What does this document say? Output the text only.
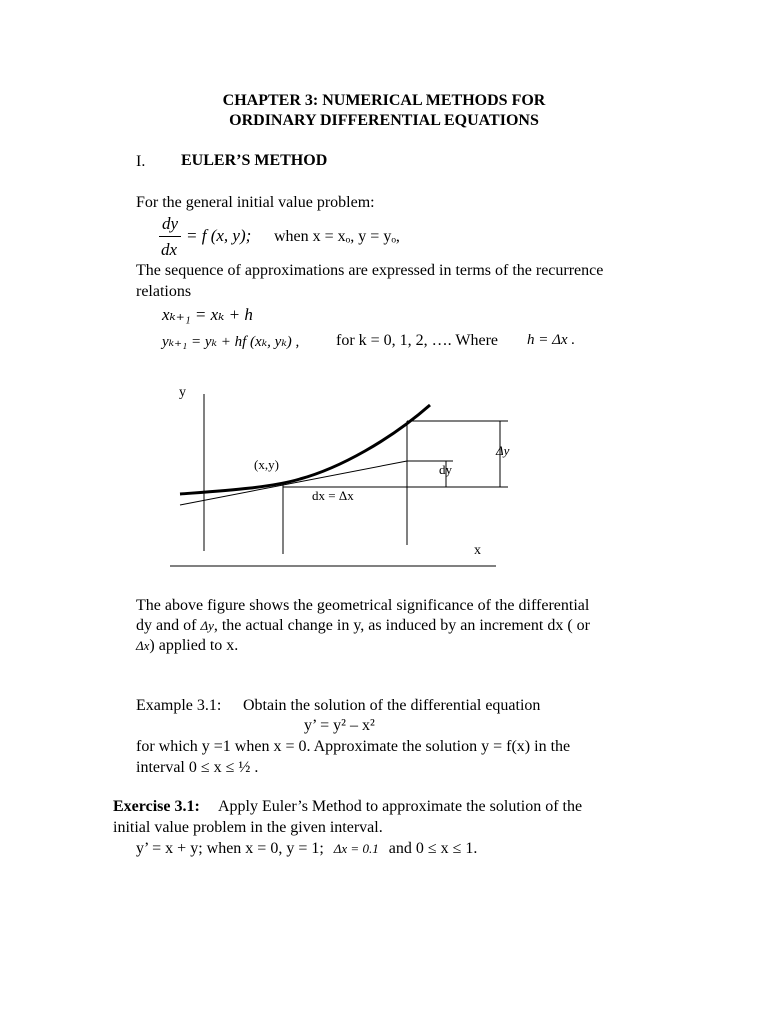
CHAPTER 3: NUMERICAL METHODS FOR
ORDINARY DIFFERENTIAL EQUATIONS
I. EULER’S METHOD
For the general initial value problem:
dy
dx
= f (x, y); when x = xₒ, y = yₒ,
The sequence of approximations are expressed in terms of the recurrence
relations
xₖ₊₁ = xₖ + h
yₖ₊₁ = yₖ + hf (xₖ, yₖ) , for k = 0, 1, 2, …. Where h = Δx .
y
x
(x,y)
dx = Δx
dy
Δy
The above figure shows the geometrical significance of the differential
dy and of Δy, the actual change in y, as induced by an increment dx ( or
Δx) applied to x.
Example 3.1: Obtain the solution of the differential equation
y’ = y² – x²
for which y =1 when x = 0. Approximate the solution y = f(x) in the
interval 0 ≤ x ≤ ½ .
Exercise 3.1: Apply Euler’s Method to approximate the solution of the
initial value problem in the given interval.
y’ = x + y; when x = 0, y = 1; Δx = 0.1 and 0 ≤ x ≤ 1.
